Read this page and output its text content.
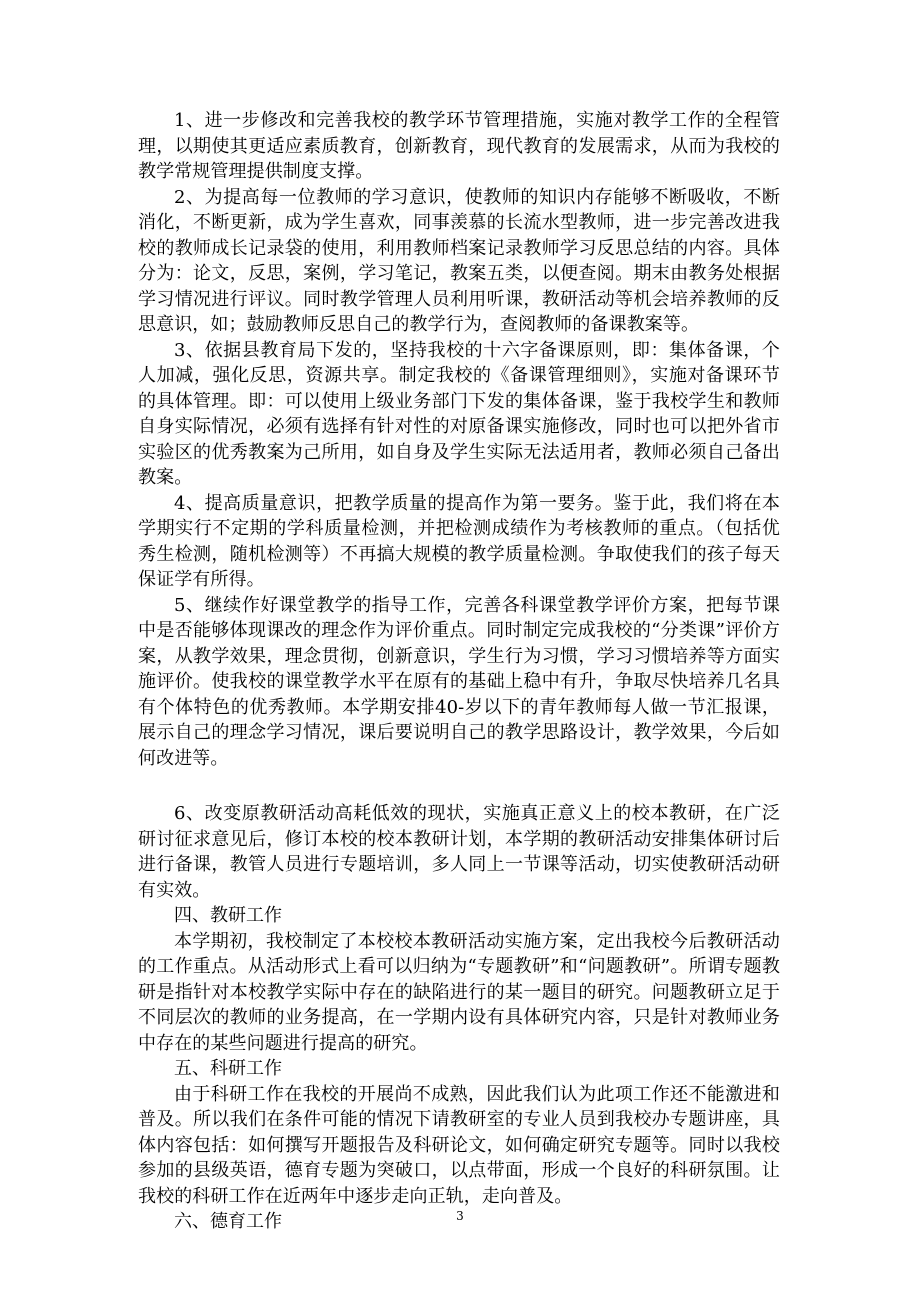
1、进一步修改和完善我校的教学环节管理措施，实施对教学工作的全程管理，以期使其更适应素质教育，创新教育，现代教育的发展需求，从而为我校的教学常规管理提供制度支撑。

2、为提高每一位教师的学习意识，使教师的知识内存能够不断吸收，不断消化，不断更新，成为学生喜欢，同事羡慕的长流水型教师，进一步完善改进我校的教师成长记录袋的使用，利用教师档案记录教师学习反思总结的内容。具体分为：论文，反思，案例，学习笔记，教案五类，以便查阅。期末由教务处根据学习情况进行评议。同时教学管理人员利用听课，教研活动等机会培养教师的反思意识，如；鼓励教师反思自己的教学行为，查阅教师的备课教案等。

3、依据县教育局下发的，坚持我校的十六字备课原则，即：集体备课，个人加减，强化反思，资源共享。制定我校的《备课管理细则》，实施对备课环节的具体管理。即：可以使用上级业务部门下发的集体备课，鉴于我校学生和教师自身实际情况，必须有选择有针对性的对原备课实施修改，同时也可以把外省市实验区的优秀教案为己所用，如自身及学生实际无法适用者，教师必须自己备出教案。

4、提高质量意识，把教学质量的提高作为第一要务。鉴于此，我们将在本学期实行不定期的学科质量检测，并把检测成绩作为考核教师的重点。（包括优秀生检测，随机检测等）不再搞大规模的教学质量检测。争取使我们的孩子每天保证学有所得。

5、继续作好课堂教学的指导工作，完善各科课堂教学评价方案，把每节课中是否能够体现课改的理念作为评价重点。同时制定完成我校的“分类课”评价方案，从教学效果，理念贯彻，创新意识，学生行为习惯，学习习惯培养等方面实施评价。使我校的课堂教学水平在原有的基础上稳中有升，争取尽快培养几名具有个体特色的优秀教师。本学期安排40-岁以下的青年教师每人做一节汇报课，展示自己的理念学习情况，课后要说明自己的教学思路设计，教学效果，今后如何改进等。

6、改变原教研活动高耗低效的现状，实施真正意义上的校本教研，在广泛研讨征求意见后，修订本校的校本教研计划，本学期的教研活动安排集体研讨后进行备课，教管人员进行专题培训，多人同上一节课等活动，切实使教研活动研有实效。

四、教研工作

本学期初，我校制定了本校校本教研活动实施方案，定出我校今后教研活动的工作重点。从活动形式上看可以归纳为“专题教研”和“问题教研”。所谓专题教研是指针对本校教学实际中存在的缺陷进行的某一题目的研究。问题教研立足于不同层次的教师的业务提高，在一学期内设有具体研究内容，只是针对教师业务中存在的某些问题进行提高的研究。

五、科研工作

由于科研工作在我校的开展尚不成熟，因此我们认为此项工作还不能激进和普及。所以我们在条件可能的情况下请教研室的专业人员到我校办专题讲座，具体内容包括：如何撰写开题报告及科研论文，如何确定研究专题等。同时以我校参加的县级英语，德育专题为突破口，以点带面，形成一个良好的科研氛围。让我校的科研工作在近两年中逐步走向正轨，走向普及。

六、德育工作	3
